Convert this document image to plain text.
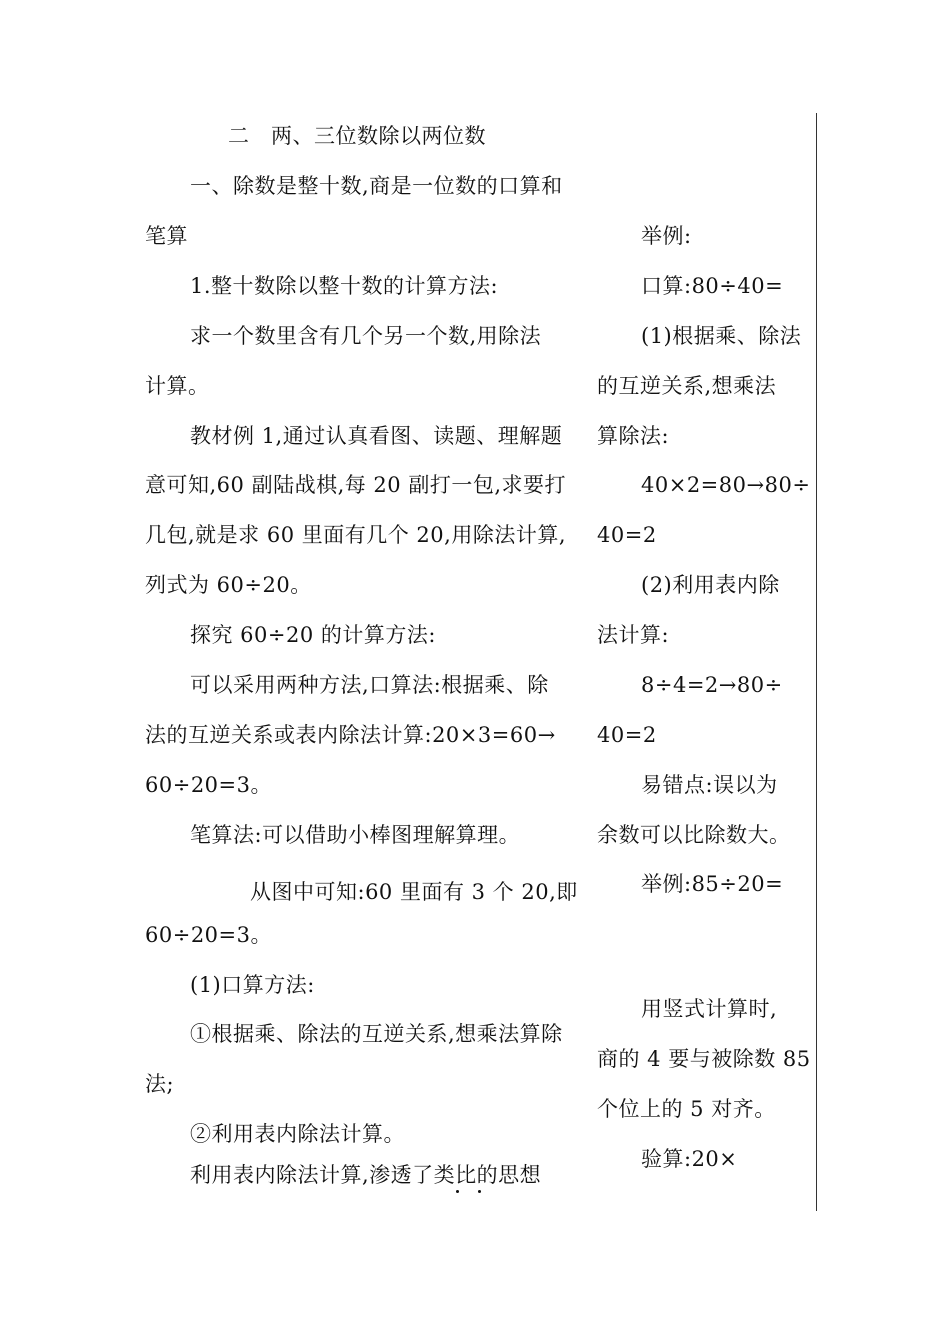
二　两、三位数除以两位数
一、除数是整十数,商是一位数的口算和
笔算
1.整十数除以整十数的计算方法:
求一个数里含有几个另一个数,用除法
计算。
教材例 1,通过认真看图、读题、理解题
意可知,60 副陆战棋,每 20 副打一包,求要打
几包,就是求 60 里面有几个 20,用除法计算,
列式为 60÷20。
探究 60÷20 的计算方法:
可以采用两种方法,口算法:根据乘、除
法的互逆关系或表内除法计算:20×3=60→
60÷20=3。
笔算法:可以借助小棒图理解算理。
从图中可知:60 里面有 3 个 20,即
60÷20=3。
(1)口算方法:
①根据乘、除法的互逆关系,想乘法算除
法;
②利用表内除法计算。
利用表内除法计算,渗透了类比的思想
举例:
口算:80÷40=
(1)根据乘、除法
的互逆关系,想乘法
算除法:
40×2=80→80÷
40=2
(2)利用表内除
法计算:
8÷4=2→80÷
40=2
易错点:误以为
余数可以比除数大。
举例:85÷20=
用竖式计算时,
商的 4 要与被除数 85
个位上的 5 对齐。
验算:20×
